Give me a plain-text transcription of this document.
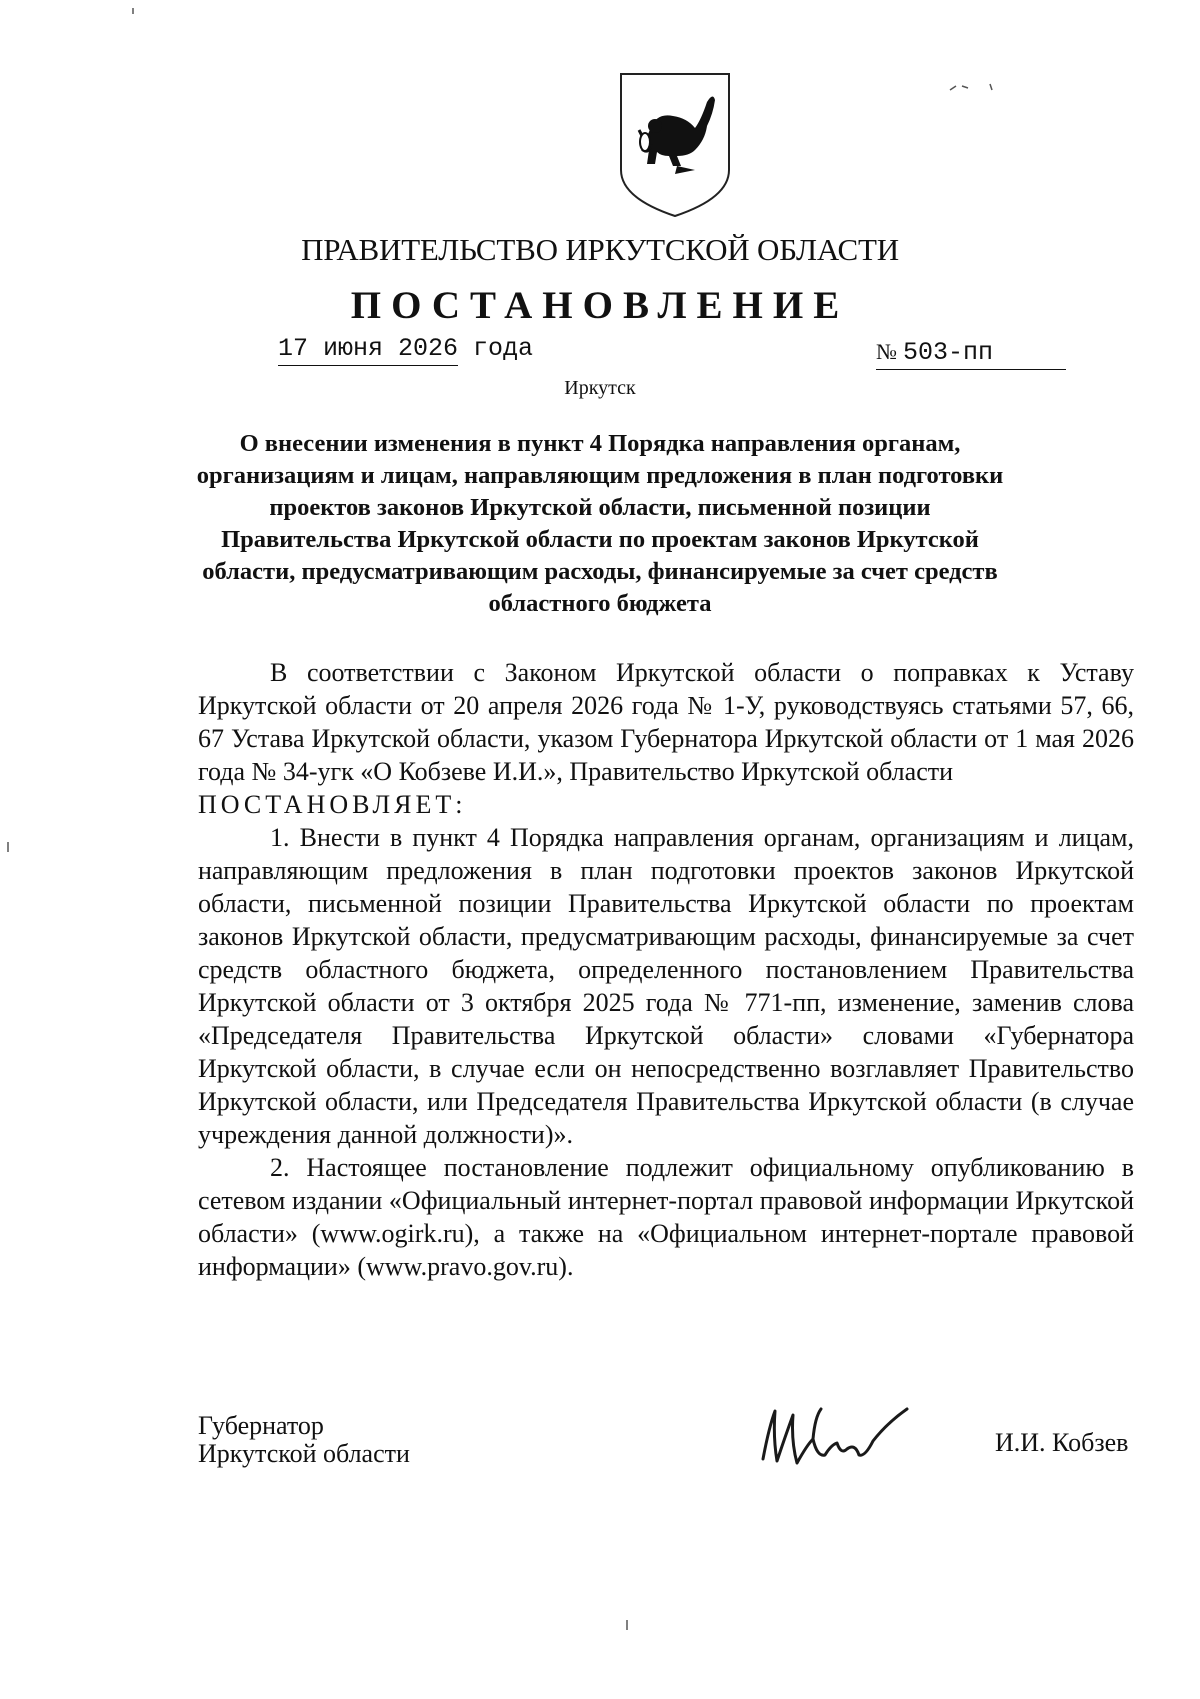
ПРАВИТЕЛЬСТВО ИРКУТСКОЙ ОБЛАСТИ
ПОСТАНОВЛЕНИЕ
17 июня 2026 года	№ 503-пп
Иркутск
О внесении изменения в пункт 4 Порядка направления органам, организациям и лицам, направляющим предложения в план подготовки проектов законов Иркутской области, письменной позиции Правительства Иркутской области по проектам законов Иркутской области, предусматривающим расходы, финансируемые за счет средств областного бюджета

В соответствии с Законом Иркутской области о поправках к Уставу Иркутской области от 20 апреля 2026 года № 1-У, руководствуясь статьями 57, 66, 67 Устава Иркутской области, указом Губернатора Иркутской области от 1 мая 2026 года № 34-угк «О Кобзеве И.И.», Правительство Иркутской области

ПОСТАНОВЛЯЕТ:

1. Внести в пункт 4 Порядка направления органам, организациям и лицам, направляющим предложения в план подготовки проектов законов Иркутской области, письменной позиции Правительства Иркутской области по проектам законов Иркутской области, предусматривающим расходы, финансируемые за счет средств областного бюджета, определенного постановлением Правительства Иркутской области от 3 октября 2025 года № 771-пп, изменение, заменив слова «Председателя Правительства Иркутской области» словами «Губернатора Иркутской области, в случае если он непосредственно возглавляет Правительство Иркутской области, или Председателя Правительства Иркутской области (в случае учреждения данной должности)».

2. Настоящее постановление подлежит официальному опубликованию в сетевом издании «Официальный интернет-портал правовой информации Иркутской области» (www.ogirk.ru), а также на «Официальном интернет-портале правовой информации» (www.pravo.gov.ru).

Губернатор
Иркутской области	И.И. Кобзев
